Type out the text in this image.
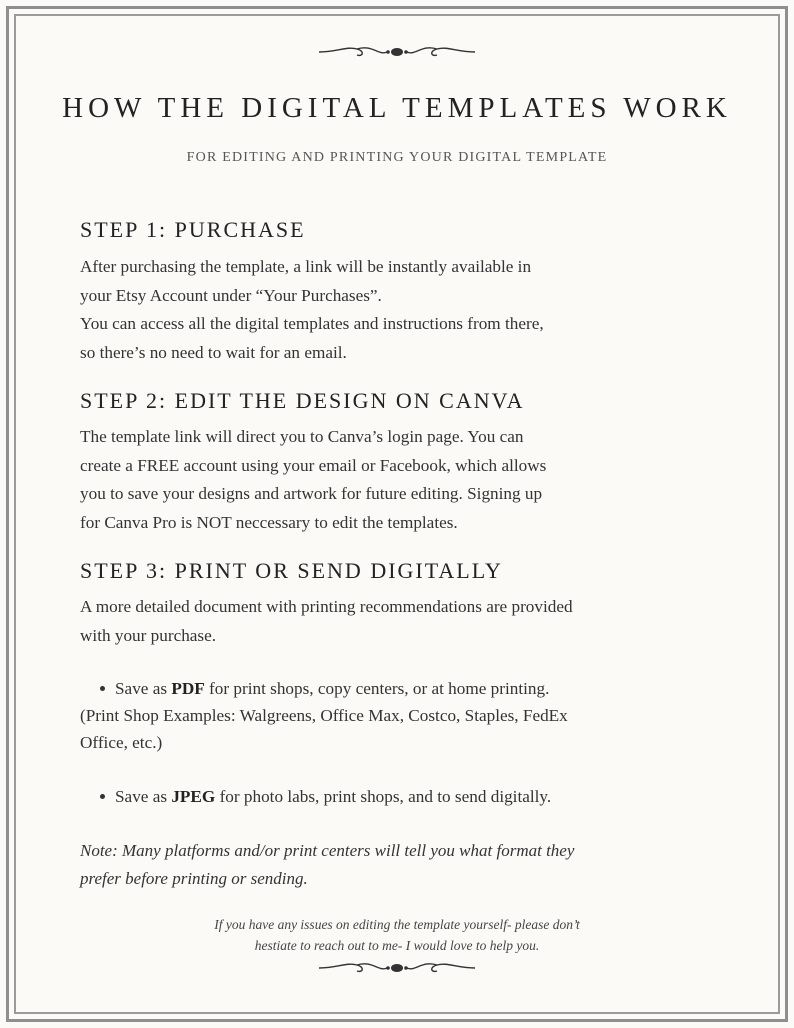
HOW THE DIGITAL TEMPLATES WORK

FOR EDITING AND PRINTING YOUR DIGITAL TEMPLATE

STEP 1: PURCHASE

After purchasing the template, a link will be instantly available in
your Etsy Account under “Your Purchases”.
You can access all the digital templates and instructions from there,
so there’s no need to wait for an email.

STEP 2: EDIT THE DESIGN ON CANVA

The template link will direct you to Canva’s login page. You can
create a FREE account using your email or Facebook, which allows
you to save your designs and artwork for future editing. Signing up
for Canva Pro is NOT neccessary to edit the templates.

STEP 3: PRINT OR SEND DIGITALLY

A more detailed document with printing recommendations are provided
with your purchase.

Save as PDF for print shops, copy centers, or at home printing.
(Print Shop Examples: Walgreens, Office Max, Costco, Staples, FedEx
Office, etc.)
Save as JPEG for photo labs, print shops, and to send digitally.

Note: Many platforms and/or print centers will tell you what format they
prefer before printing or sending.

If you have any issues on editing the template yourself- please don’t
hestiate to reach out to me- I would love to help you.
